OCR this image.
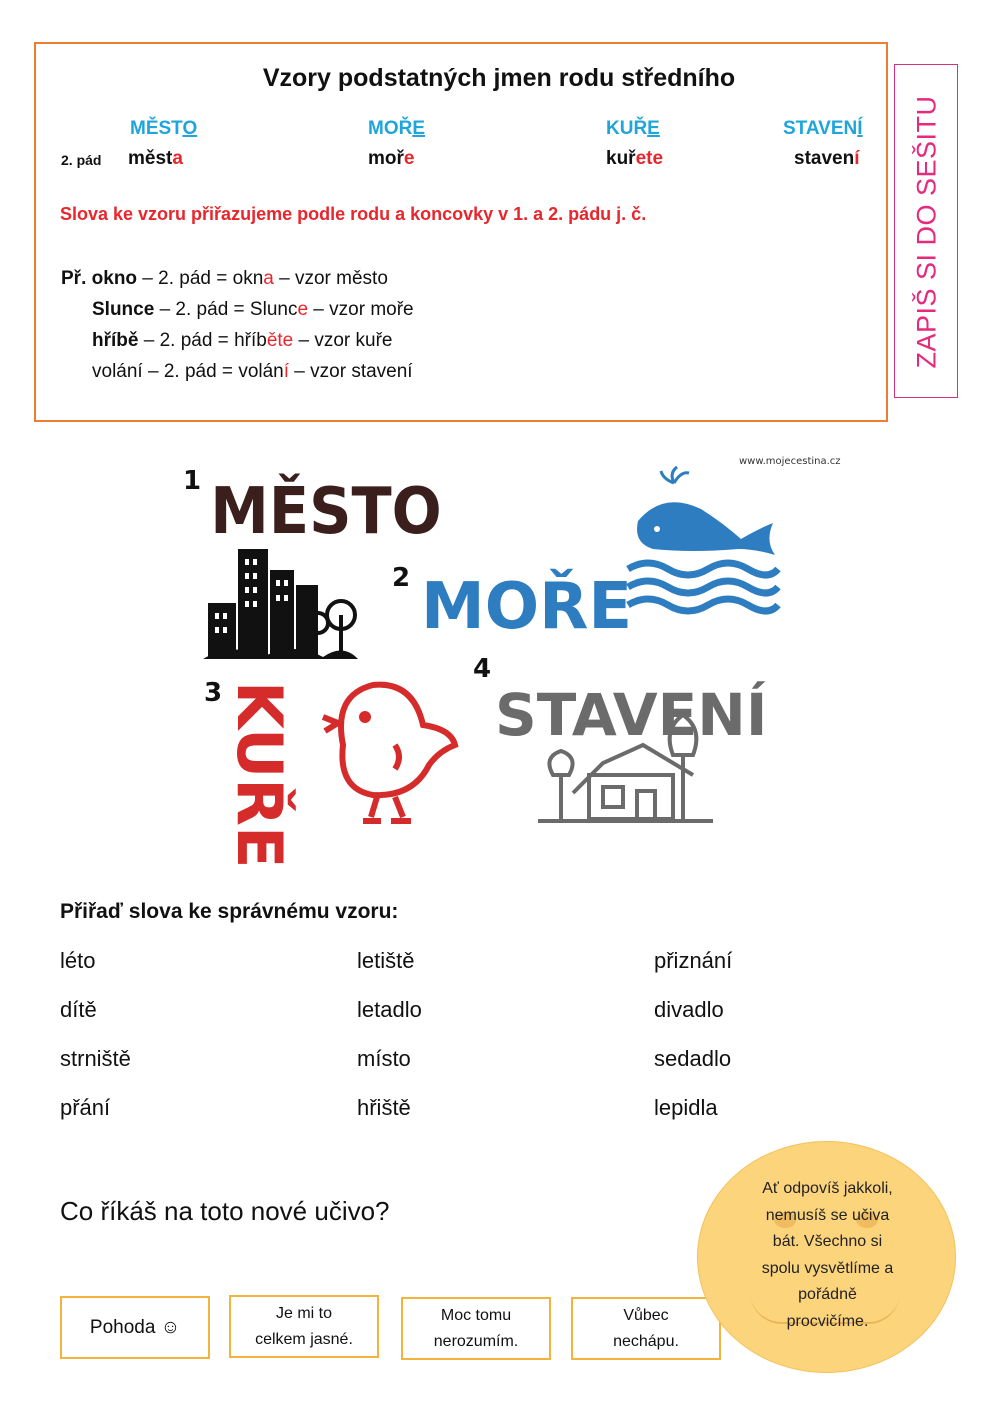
Vzory podstatných jmen rodu středního
MĚSTO	MOŘE	KUŘE	STAVENÍ
2. pád města	moře	kuřete	stavení
Slova ke vzoru přiřazujeme podle rodu a koncovky v 1. a 2. pádu j. č.
Př. okno – 2. pád = okna – vzor město
Slunce – 2. pád = Slunce – vzor moře
hříbě – 2. pád = hříběte – vzor kuře
volání – 2. pád = volání – vzor stavení
ZAPIŠ SI DO SEŠITU
www.mojecestina.cz
1 MĚSTO
2 MOŘE
3 KUŘE
4
STAVENÍ
Přiřaď slova ke správnému vzoru:
léto
dítě
strniště
přání
letiště
letadlo
místo
hřiště
přiznání
divadlo
sedadlo
lepidla
Co říkáš na toto nové učivo?
Pohoda ☺
Je mi to
celkem jasné.
Moc tomu
nerozumím.
Vůbec
nechápu.
Ať odpovíš jakkoli,
nemusíš se učiva
bát. Všechno si
spolu vysvětlíme a
pořádně
procvičíme.
